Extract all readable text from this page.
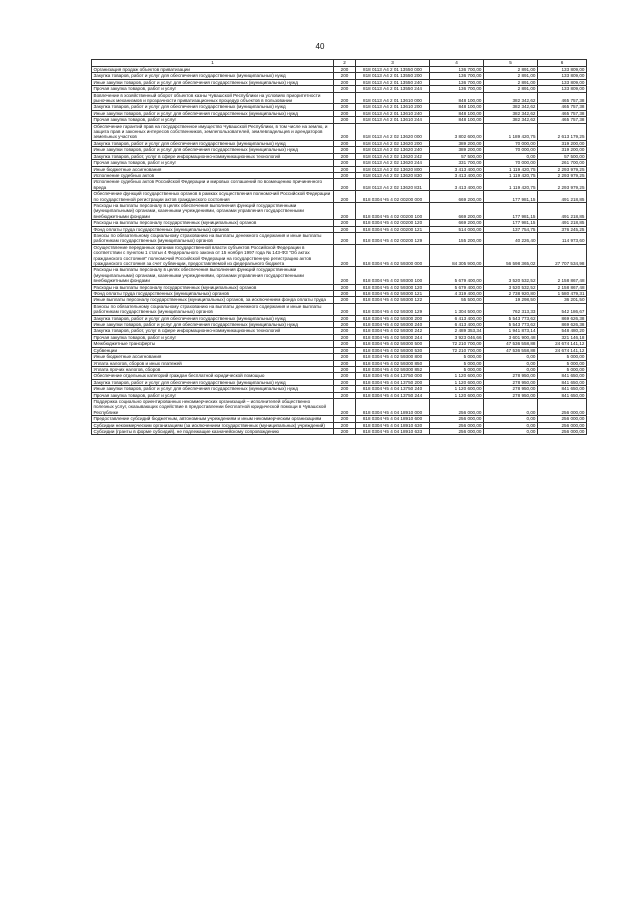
40
1	2	3	4	5	6
Организация продаж объектов приватизации	200	818 0113 А4 2 01 13550 000	136 700,00	2 891,00	133 809,00
Закупка товаров, работ и услуг для обеспечения государственных (муниципальных) нужд	200	818 0113 А4 2 01 13550 200	136 700,00	2 891,00	133 809,00
Иные закупки товаров, работ и услуг для обеспечения государственных (муниципальных) нужд	200	818 0113 А4 2 01 13550 240	136 700,00	2 891,00	133 809,00
Прочая закупка товаров, работ и услуг	200	818 0113 А4 2 01 13550 244	136 700,00	2 891,00	133 809,00
Вовлечение в хозяйственный оборот объектов казны Чувашской Республики на условиях приоритетности рыночных механизмов и прозрачности приватизационных процедур объектов в пользовании	200	818 0113 А4 2 01 13610 000	848 100,00	382 342,62	465 757,38
Закупка товаров, работ и услуг для обеспечения государственных (муниципальных) нужд	200	818 0113 А4 2 01 13610 200	848 100,00	382 342,62	465 757,38
Иные закупки товаров, работ и услуг для обеспечения государственных (муниципальных) нужд	200	818 0113 А4 2 01 13610 240	848 100,00	382 342,62	465 757,38
Прочая закупка товаров, работ и услуг	200	818 0113 А4 2 01 13610 244	848 100,00	382 342,62	465 757,38
Обеспечение гарантий прав на государственное имущество Чувашской Республики, в том числе на землю, и защита прав и законных интересов собственников, землепользователей, землевладельцев и арендаторов земельных участков	200	818 0113 А4 2 02 13620 000	3 802 600,00	1 189 420,75	2 613 179,25
Закупка товаров, работ и услуг для обеспечения государственных (муниципальных) нужд	200	818 0113 А4 2 02 13620 200	389 200,00	70 000,00	319 200,00
Иные закупки товаров, работ и услуг для обеспечения государственных (муниципальных) нужд	200	818 0113 А4 2 02 13620 240	389 200,00	70 000,00	319 200,00
Закупка товаров, работ, услуг в сфере информационно-коммуникационных технологий	200	818 0113 А4 2 02 13620 242	57 500,00	0,00	57 500,00
Прочая закупка товаров, работ и услуг	200	818 0113 А4 2 02 13620 244	331 700,00	70 000,00	261 700,00
Иные бюджетные ассигнования	200	818 0113 А4 2 02 13620 800	3 413 400,00	1 119 420,75	2 293 979,25
Исполнение судебных актов	200	818 0113 А4 2 02 13620 830	3 413 400,00	1 119 420,75	2 293 979,25
Исполнение судебных актов Российской Федерации и мировых соглашений по возмещению причиненного вреда	200	818 0113 А4 2 02 13620 831	3 413 400,00	1 119 420,75	2 293 979,25
Обеспечение функций государственных органов в рамках осуществления полномочий Российской Федерации по государственной регистрации актов гражданского состояния	200	818 0304 Ч5 4 02 00200 000	669 200,00	177 981,15	491 218,85
Расходы на выплаты персоналу в целях обеспечения выполнения функций государственными (муниципальными) органами, казенными учреждениями, органами управления государственными внебюджетными фондами	200	818 0304 Ч5 4 02 00200 100	669 200,00	177 981,15	491 218,85
Расходы на выплаты персоналу государственных (муниципальных) органов	200	818 0304 Ч5 4 02 00200 120	669 200,00	177 981,15	491 218,85
Фонд оплаты труда государственных (муниципальных) органов	200	818 0304 Ч5 4 02 00200 121	514 000,00	137 754,75	376 245,25
Взносы по обязательному социальному страхованию на выплаты денежного содержания и иные выплаты работникам государственных (муниципальных) органов	200	818 0304 Ч5 4 02 00200 129	155 200,00	40 226,40	114 973,60
Осуществление переданных органам государственной власти субъектов Российской Федерации в соответствии с пунктом 1 статьи 4 Федерального закона от 15 ноября 1997 года № 143-ФЗ "Об актах гражданского состояния" полномочий Российской Федерации на государственную регистрацию актов гражданского состояния за счет субвенции, предоставляемой из федерального бюджета	200	818 0304 Ч5 4 02 59300 000	84 305 900,00	56 598 365,02	27 707 534,98
Расходы на выплаты персоналу в целях обеспечения выполнения функций государственными (муниципальными) органами, казенными учреждениями, органами управления государственными внебюджетными фондами	200	818 0304 Ч5 4 02 59300 100	5 679 400,00	3 520 532,52	2 158 867,48
Расходы на выплаты персоналу государственных (муниципальных) органов	200	818 0304 Ч5 4 02 59300 120	5 679 400,00	3 520 532,52	2 158 867,48
Фонд оплаты труда государственных (муниципальных) органов	200	818 0304 Ч5 4 02 59300 121	4 319 400,00	2 738 920,80	1 580 479,31
Иные выплаты персоналу государственных (муниципальных) органов, за исключением фонда оплаты труда	200	818 0304 Ч5 4 02 59300 122	55 500,00	19 298,50	36 201,50
Взносы по обязательному социальному страхованию на выплаты денежного содержания и иные выплаты работникам государственных (муниципальных) органов	200	818 0304 Ч5 4 02 59300 129	1 304 500,00	762 313,33	542 186,67
Закупка товаров, работ и услуг для обеспечения государственных (муниципальных) нужд	200	818 0304 Ч5 4 02 59300 200	6 413 400,00	5 543 773,62	869 626,38
Иные закупки товаров, работ и услуг для обеспечения государственных (муниципальных) нужд	200	818 0304 Ч5 4 02 59300 240	6 413 400,00	5 543 773,62	869 626,38
Закупка товаров, работ, услуг в сфере информационно-коммуникационных технологий	200	818 0304 Ч5 4 02 59300 242	2 489 353,34	1 941 873,14	548 480,20
Прочая закупка товаров, работ и услуг	200	818 0304 Ч5 4 02 59300 244	3 923 046,66	3 601 900,48	321 146,18
Межбюджетные трансферты	200	818 0304 Ч5 4 02 59300 500	72 210 700,00	47 536 558,88	24 674 141,12
Субвенции	200	818 0304 Ч5 4 02 59300 530	72 210 700,00	47 536 558,88	24 674 141,12
Иные бюджетные ассигнования	200	818 0304 Ч5 4 02 59300 800	5 000,00	0,00	5 000,00
Уплата налогов, сборов и иных платежей	200	818 0304 Ч5 4 02 59300 850	5 000,00	0,00	5 000,00
Уплата прочих налогов, сборов	200	818 0304 Ч5 4 02 59300 852	5 000,00	0,00	5 000,00
Обеспечение отдельных категорий граждан бесплатной юридической помощью	200	818 0304 Ч5 4 04 13750 000	1 120 600,00	278 950,00	841 650,00
Закупка товаров, работ и услуг для обеспечения государственных (муниципальных) нужд	200	818 0304 Ч5 4 04 13750 200	1 120 600,00	278 950,00	841 650,00
Иные закупки товаров, работ и услуг для обеспечения государственных (муниципальных) нужд	200	818 0304 Ч5 4 04 13750 240	1 120 600,00	278 950,00	841 650,00
Прочая закупка товаров, работ и услуг	200	818 0304 Ч5 4 04 13750 244	1 120 600,00	278 950,00	841 650,00
Поддержка социально ориентированных некоммерческих организаций – исполнителей общественно полезных услуг, оказывающих содействие в предоставлении бесплатной юридической помощи в Чувашской Республике	200	818 0304 Ч5 4 04 18910 000	256 000,00	0,00	256 000,00
Предоставление субсидий бюджетным, автономным учреждениям и иным некоммерческим организациям	200	818 0304 Ч5 4 04 18910 600	256 000,00	0,00	256 000,00
Субсидии некоммерческим организациям (за исключением государственных (муниципальных) учреждений)	200	818 0304 Ч5 4 04 18910 630	256 000,00	0,00	256 000,00
Субсидии (гранты в форме субсидий), не подлежащие казначейскому сопровождению	200	818 0304 Ч5 4 04 18910 633	256 000,00	0,00	256 000,00
